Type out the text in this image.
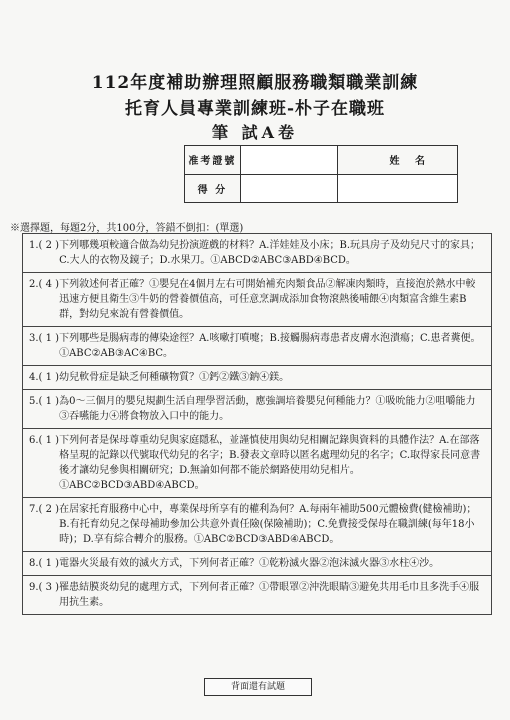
112年度補助辦理照顧服務職類職業訓練
托育人員專業訓練班-朴子在職班
筆 試A卷
准考證號		姓 名
得 分		
※選擇題，每題2分，共100分，答錯不倒扣：(單選)
1.( 2 ) 下列哪幾項較適合做為幼兒扮演遊戲的材料？A.洋娃娃及小床；B.玩具房子及幼兒尺寸的家具；C.大人的衣物及鏡子；D.水果刀。①ABCD②ABC③ABD④BCD。
2.( 4 ) 下列敘述何者正確？①嬰兒在4個月左右可開始補充肉類食品②解凍肉類時，直接泡於熱水中較迅速方便且衛生③牛奶的營養價值高，可任意烹調成添加食物滾熱後哺餵④肉類富含維生素B群，對幼兒來說有營養價值。
3.( 1 ) 下列哪些是腸病毒的傳染途徑？A.咳嗽打噴嚏；B.接觸腸病毒患者皮膚水泡潰瘍；C.患者糞便。①ABC②AB③AC④BC。
4.( 1 ) 幼兒軟骨症是缺乏何種礦物質？①鈣②鐵③鈉④鎂。
5.( 1 ) 為0～三個月的嬰兒規劃生活自理學習活動，應強調培養嬰兒何種能力？①吸吮能力②咀嚼能力③吞嚥能力④將食物放入口中的能力。
6.( 1 ) 下列何者是保母尊重幼兒與家庭隱私，並謹慎使用與幼兒相關記錄與資料的具體作法？A.在部落格呈現的記錄以代號取代幼兒的名字；B.發表文章時以匿名處理幼兒的名字；C.取得家長同意書後才讓幼兒參與相關研究；D.無論如何都不能於網路使用幼兒相片。①ABC②BCD③ABD④ABCD。
7.( 2 ) 在居家托育服務中心中，專業保母所享有的權利為何？A.每兩年補助500元體檢費(健檢補助)；B.有托育幼兒之保母補助參加公共意外責任險(保險補助)；C.免費接受保母在職訓練(每年18小時)；D.享有綜合轉介的服務。①ABC②BCD③ABD④ABCD。
8.( 1 ) 電器火災最有效的滅火方式，下列何者正確？①乾粉滅火器②泡沫滅火器③水柱④沙。
9.( 3 ) 罹患結膜炎幼兒的處理方式，下列何者正確？①帶眼罩②沖洗眼睛③避免共用毛巾且多洗手④服用抗生素。
背面還有試題
